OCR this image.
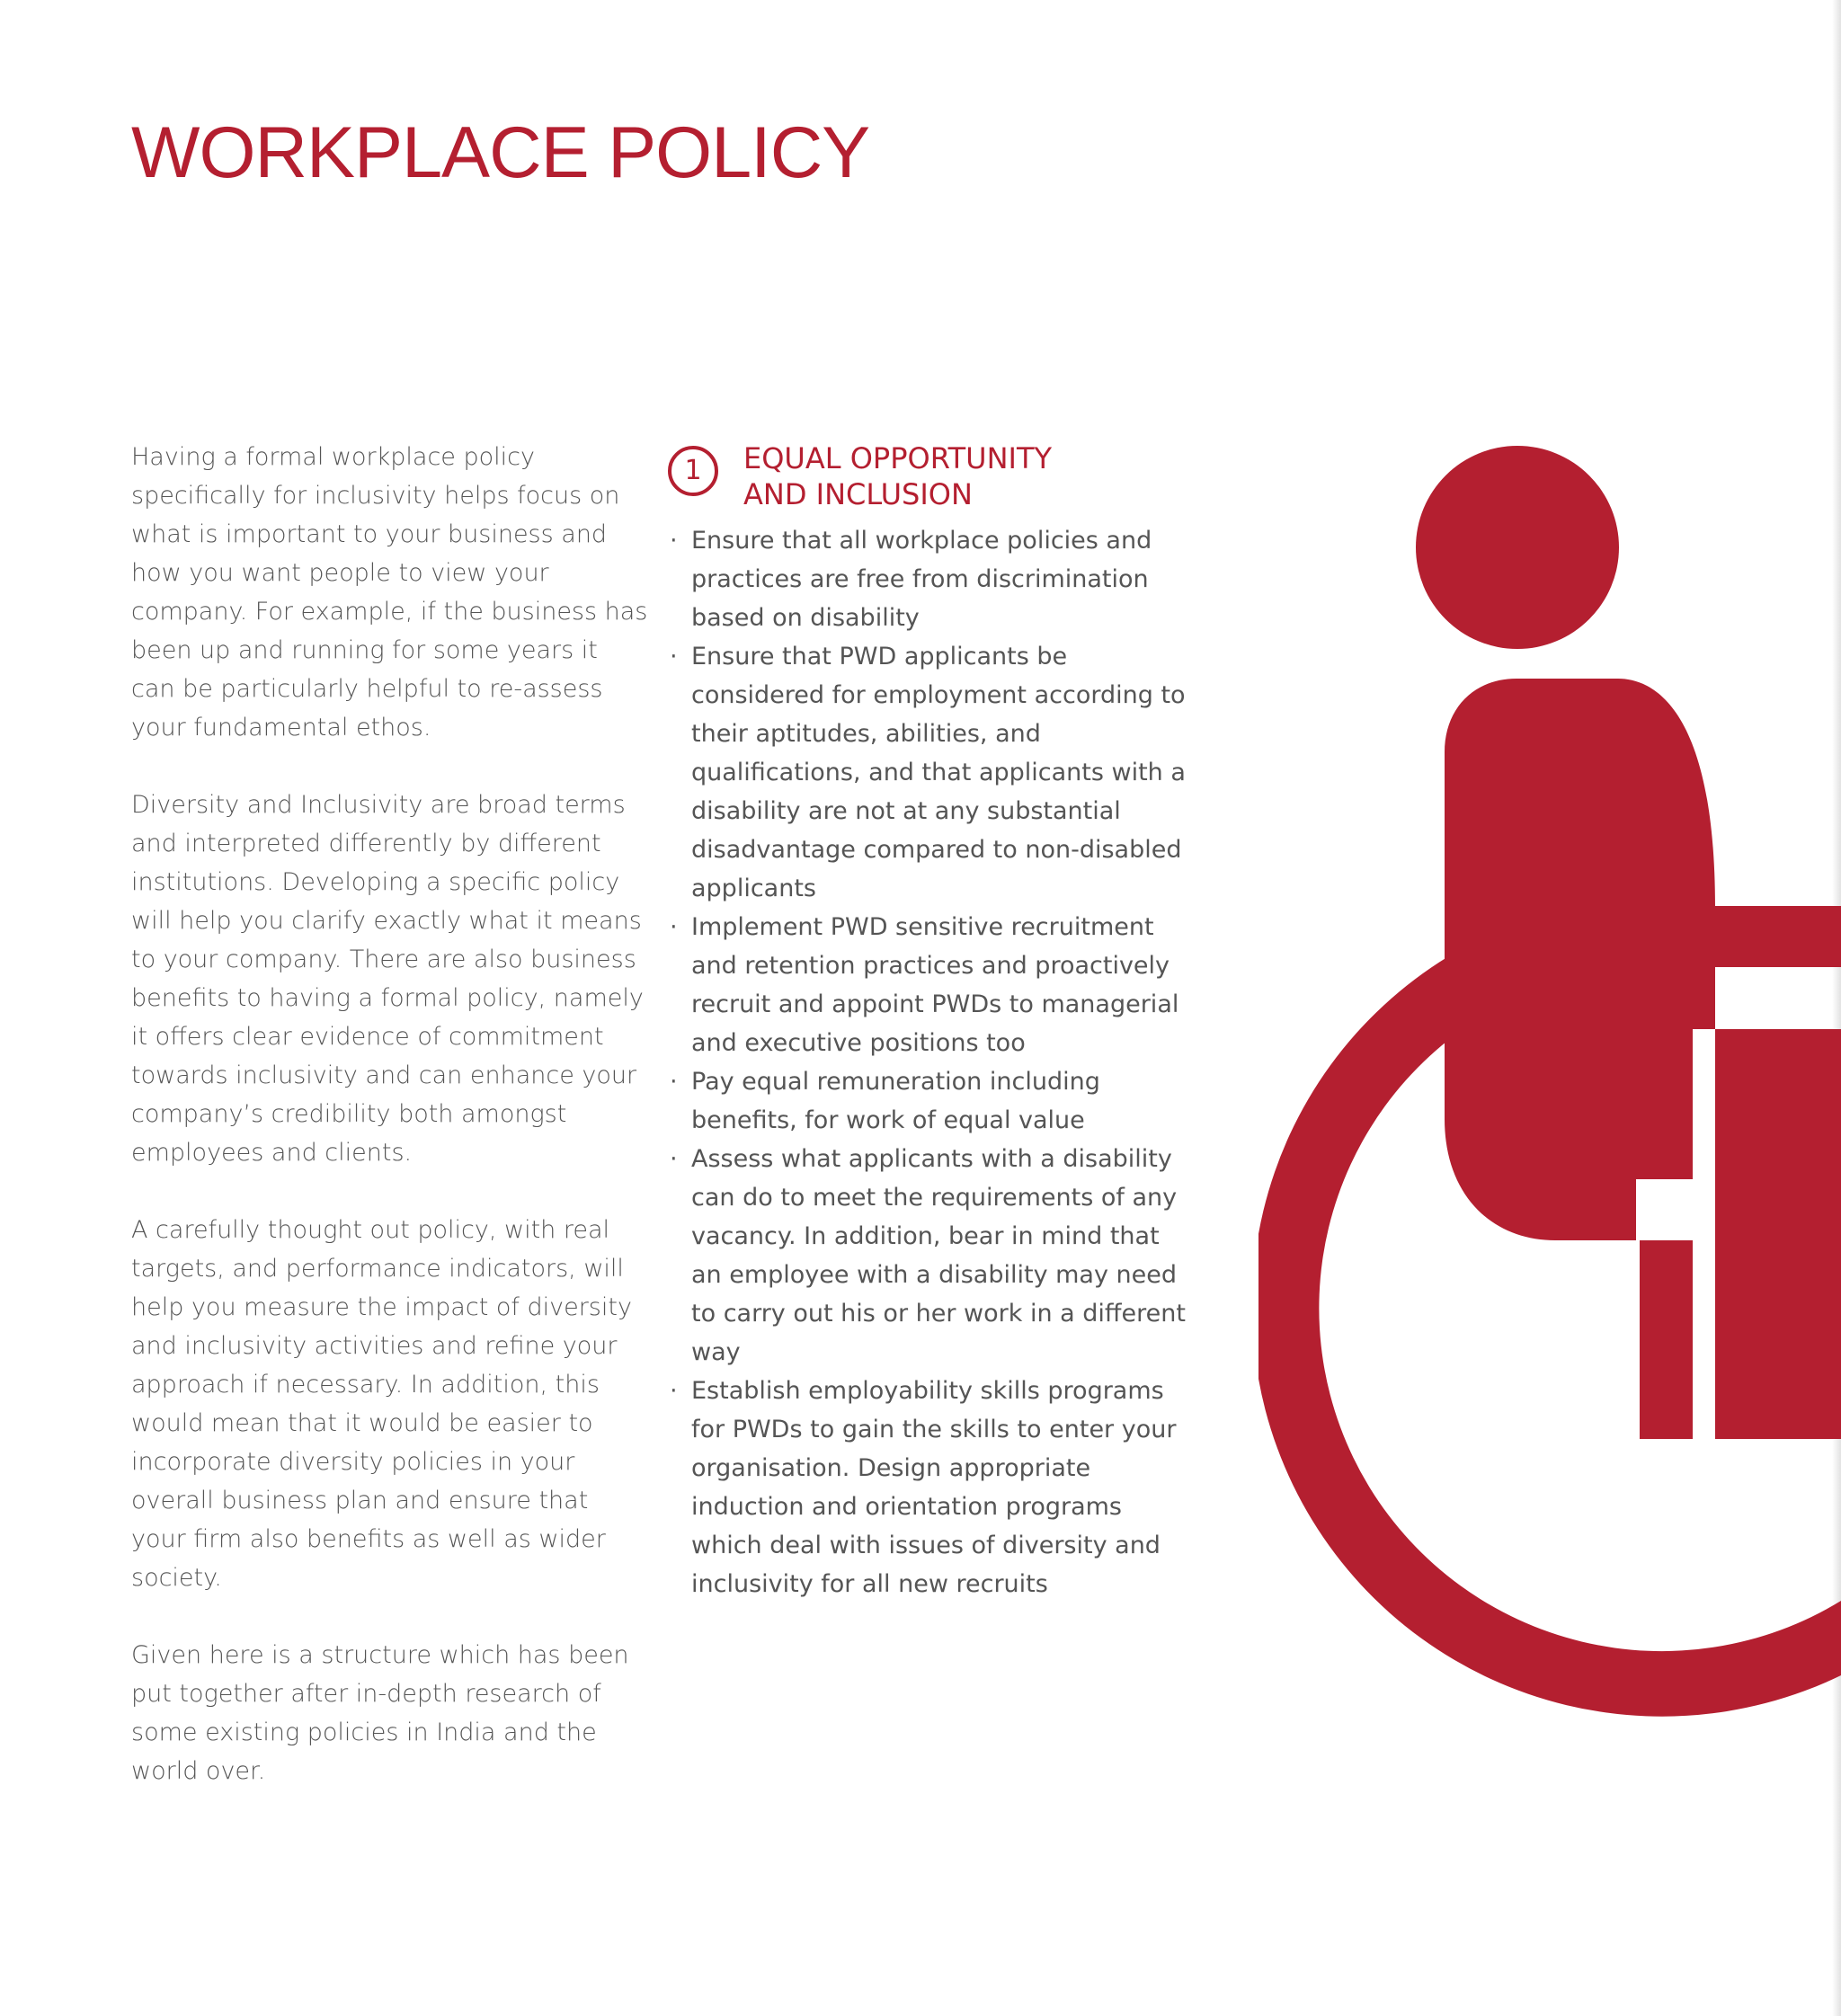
WORKPLACE POLICY

Having a formal workplace policy specifically for inclusivity helps focus on what is important to your business and how you want people to view your company. For example, if the business has been up and running for some years it can be particularly helpful to re-assess your fundamental ethos.

Diversity and Inclusivity are broad terms and interpreted differently by different institutions. Developing a specific policy will help you clarify exactly what it means to your company. There are also business benefits to having a formal policy, namely it offers clear evidence of commitment towards inclusivity and can enhance your company’s credibility both amongst employees and clients.

A carefully thought out policy, with real targets, and performance indicators, will help you measure the impact of diversity and inclusivity activities and refine your approach if necessary. In addition, this would mean that it would be easier to incorporate diversity policies in your overall business plan and ensure that your firm also benefits as well as wider society.

Given here is a structure which has been put together after in-depth research of some existing policies in India and the world over.

1	EQUAL OPPORTUNITY
AND INCLUSION
· Ensure that all workplace policies and practices are free from discrimination based on disability
· Ensure that PWD applicants be considered for employment according to their aptitudes, abilities, and qualifications, and that applicants with a disability are not at any substantial disadvantage compared to non-disabled applicants
· Implement PWD sensitive recruitment and retention practices and proactively recruit and appoint PWDs to managerial and executive positions too
· Pay equal remuneration including benefits, for work of equal value
· Assess what applicants with a disability can do to meet the requirements of any vacancy. In addition, bear in mind that an employee with a disability may need to carry out his or her work in a different way
· Establish employability skills programs for PWDs to gain the skills to enter your organisation. Design appropriate induction and orientation programs which deal with issues of diversity and inclusivity for all new recruits
